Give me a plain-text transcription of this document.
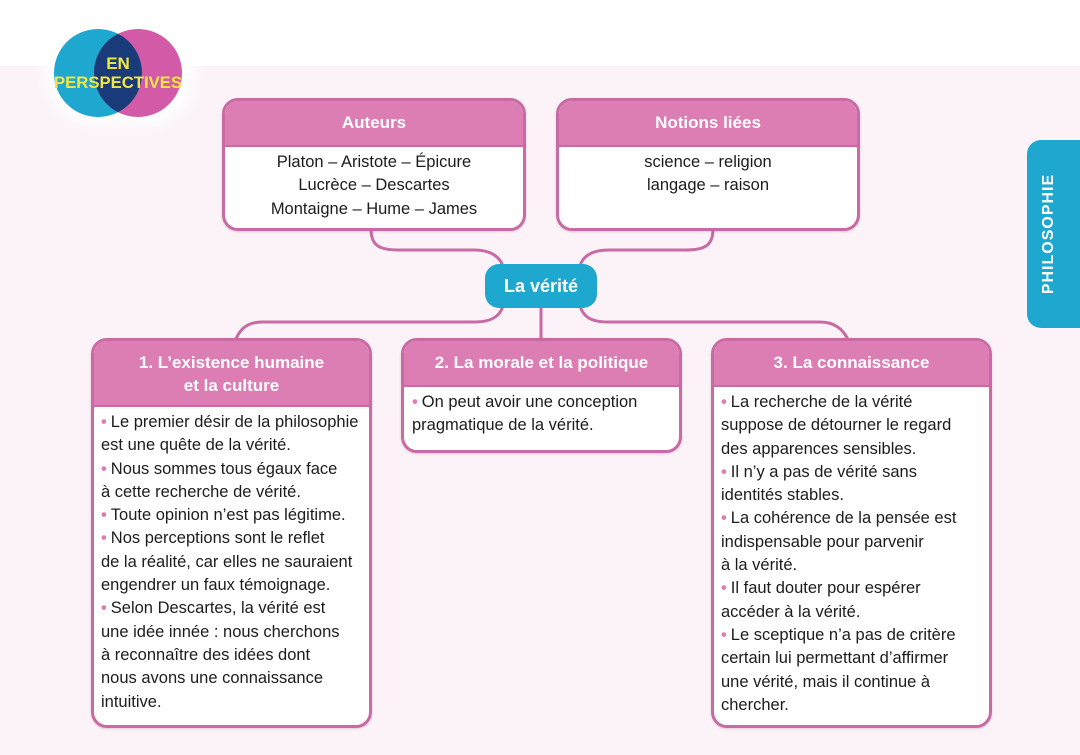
EN
PERSPECTIVES
Auteurs
Platon – Aristote – Épicure
Lucrèce – Descartes
Montaigne – Hume – James
Notions liées
science – religion
langage – raison
La vérité
1. L’existence humaine
et la culture
• Le premier désir de la philosophie
est une quête de la vérité.
• Nous sommes tous égaux face
à cette recherche de vérité.
• Toute opinion n’est pas légitime.
• Nos perceptions sont le reflet
de la réalité, car elles ne sauraient
engendrer un faux témoignage.
• Selon Descartes, la vérité est
une idée innée : nous cherchons
à reconnaître des idées dont
nous avons une connaissance
intuitive.
2. La morale et la politique
• On peut avoir une conception
pragmatique de la vérité.
3. La connaissance
• La recherche de la vérité
suppose de détourner le regard
des apparences sensibles.
• Il n’y a pas de vérité sans
identités stables.
• La cohérence de la pensée est
indispensable pour parvenir
à la vérité.
• Il faut douter pour espérer
accéder à la vérité.
• Le sceptique n’a pas de critère
certain lui permettant d’affirmer
une vérité, mais il continue à
chercher.
PHILOSOPHIE
